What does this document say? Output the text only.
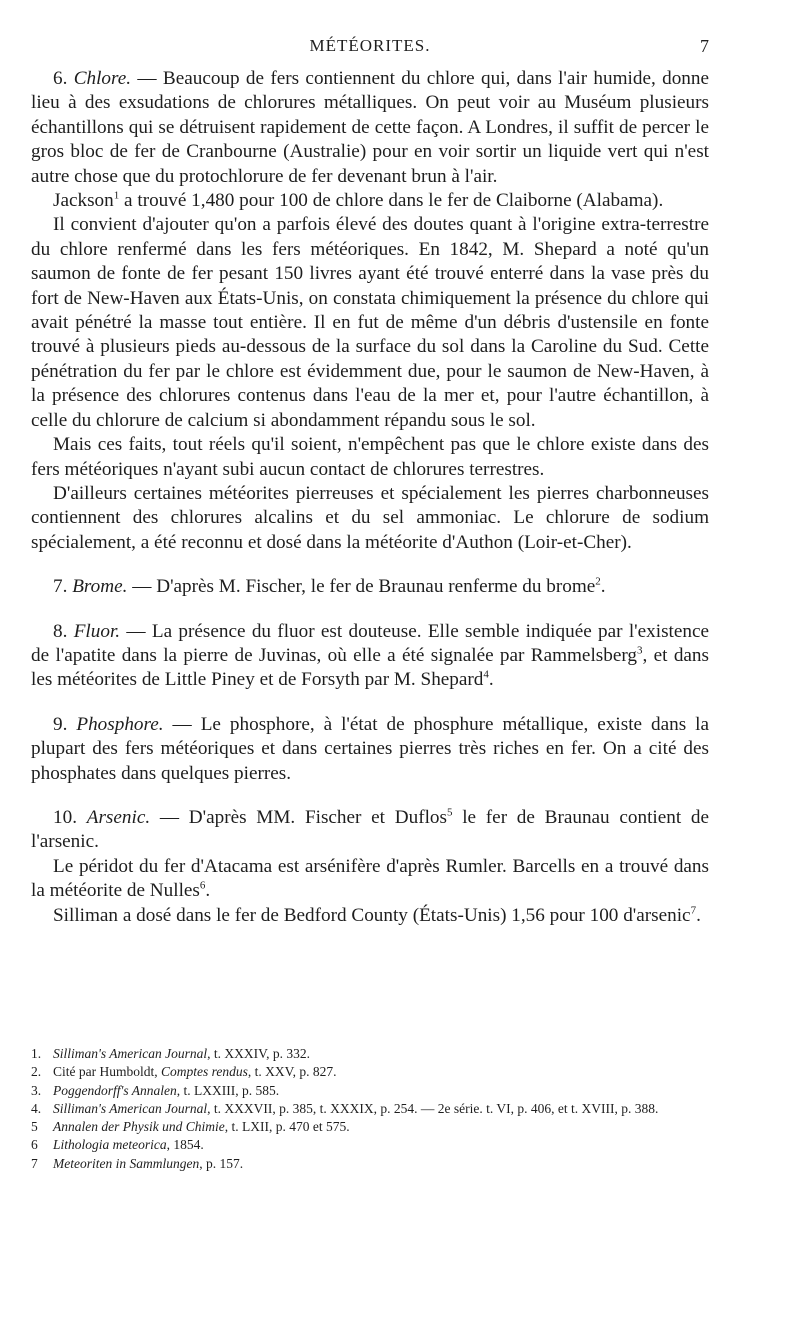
MÉTÉORITES.	7

6. Chlore. — Beaucoup de fers contiennent du chlore qui, dans l'air humide, donne lieu à des exsudations de chlorures métalliques. On peut voir au Muséum plusieurs échantillons qui se détruisent rapidement de cette façon. A Londres, il suffit de percer le gros bloc de fer de Cranbourne (Australie) pour en voir sortir un liquide vert qui n'est autre chose que du protochlorure de fer devenant brun à l'air.

Jackson$^1$ a trouvé 1,480 pour 100 de chlore dans le fer de Claiborne (Alabama).

Il convient d'ajouter qu'on a parfois élevé des doutes quant à l'origine extra-terrestre du chlore renfermé dans les fers météoriques. En 1842, M. Shepard a noté qu'un saumon de fonte de fer pesant 150 livres ayant été trouvé enterré dans la vase près du fort de New-Haven aux États-Unis, on constata chimiquement la présence du chlore qui avait pénétré la masse tout entière. Il en fut de même d'un débris d'ustensile en fonte trouvé à plusieurs pieds au-dessous de la surface du sol dans la Caroline du Sud. Cette pénétration du fer par le chlore est évidemment due, pour le saumon de New-Haven, à la présence des chlorures contenus dans l'eau de la mer et, pour l'autre échantillon, à celle du chlorure de calcium si abondamment répandu sous le sol.

Mais ces faits, tout réels qu'il soient, n'empêchent pas que le chlore existe dans des fers météoriques n'ayant subi aucun contact de chlorures terrestres.

D'ailleurs certaines météorites pierreuses et spécialement les pierres charbonneuses contiennent des chlorures alcalins et du sel ammoniac. Le chlorure de sodium spécialement, a été reconnu et dosé dans la météorite d'Authon (Loir-et-Cher).

7. Brome. — D'après M. Fischer, le fer de Braunau renferme du brome$^2$.

8. Fluor. — La présence du fluor est douteuse. Elle semble indiquée par l'existence de l'apatite dans la pierre de Juvinas, où elle a été signalée par Rammelsberg$^3$, et dans les météorites de Little Piney et de Forsyth par M. Shepard$^4$.

9. Phosphore. — Le phosphore, à l'état de phosphure métallique, existe dans la plupart des fers météoriques et dans certaines pierres très riches en fer. On a cité des phosphates dans quelques pierres.

10. Arsenic. — D'après MM. Fischer et Duflos$^5$ le fer de Braunau contient de l'arsenic.

Le péridot du fer d'Atacama est arsénifère d'après Rumler. Barcells en a trouvé dans la météorite de Nulles$^6$.

Silliman a dosé dans le fer de Bedford County (États-Unis) 1,56 pour 100 d'arsenic$^7$.

1. Silliman's American Journal, t. XXXIV, p. 332.

2. Cité par Humboldt, Comptes rendus, t. XXV, p. 827.

3. Poggendorff's Annalen, t. LXXIII, p. 585.

4. Silliman's American Journal, t. XXXVII, p. 385, t. XXXIX, p. 254. — 2e série. t. VI, p. 406, et t. XVIII, p. 388.

5 Annalen der Physik und Chimie, t. LXII, p. 470 et 575.

6 Lithologia meteorica, 1854.

7 Meteoriten in Sammlungen, p. 157.
